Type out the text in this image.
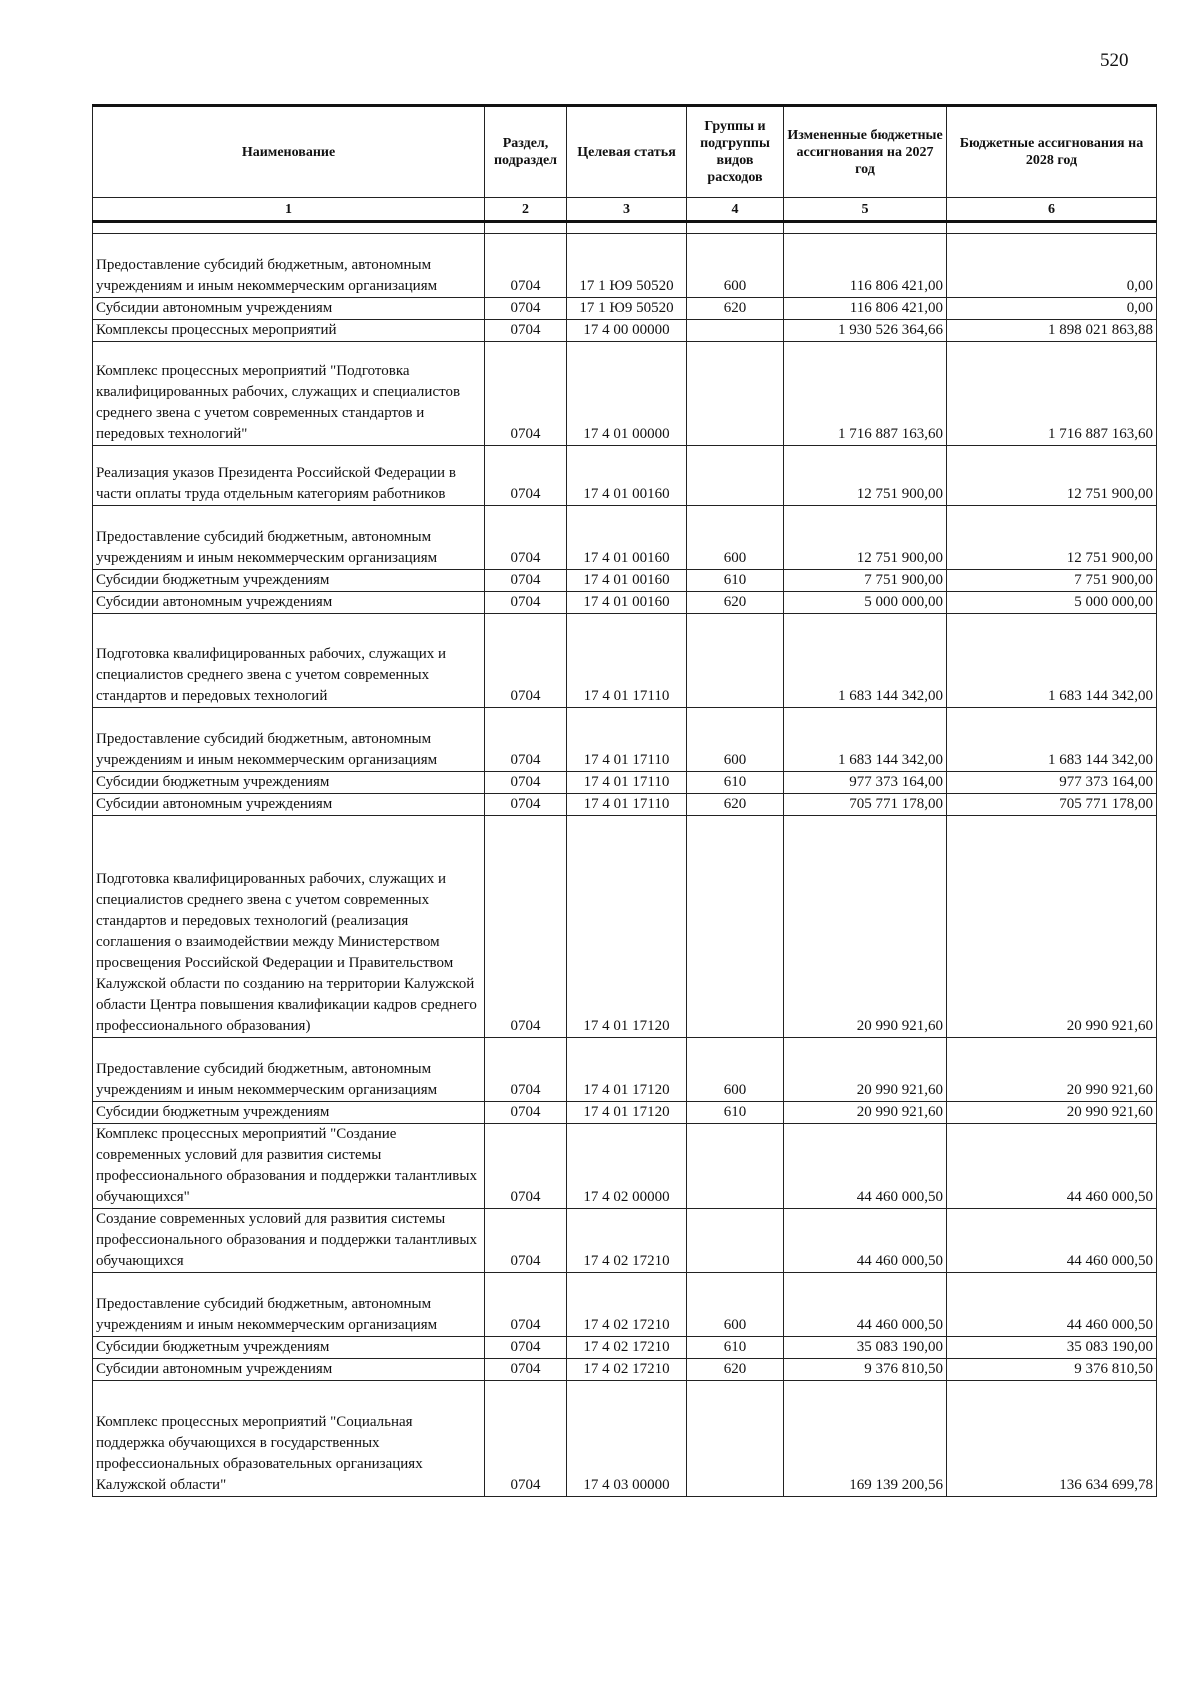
520
Наименование	Раздел, подраздел	Целевая статья	Группы и подгруппы видов расходов	Измененные бюджетные ассигнования на 2027 год	Бюджетные ассигнования на 2028 год
1	2	3	4	5	6

Предоставление субсидий бюджетным, автономным учреждениям и иным некоммерческим организациям	0704	17 1 Ю9 50520	600	116 806 421,00	0,00
Субсидии автономным учреждениям	0704	17 1 Ю9 50520	620	116 806 421,00	0,00
Комплексы процессных мероприятий	0704	17 4 00 00000		1 930 526 364,66	1 898 021 863,88
Комплекс процессных мероприятий "Подготовка квалифицированных рабочих, служащих и специалистов среднего звена с учетом современных стандартов и передовых технологий"	0704	17 4 01 00000		1 716 887 163,60	1 716 887 163,60
Реализация указов Президента Российской Федерации в части оплаты труда отдельным категориям работников	0704	17 4 01 00160		12 751 900,00	12 751 900,00
Предоставление субсидий бюджетным, автономным учреждениям и иным некоммерческим организациям	0704	17 4 01 00160	600	12 751 900,00	12 751 900,00
Субсидии бюджетным учреждениям	0704	17 4 01 00160	610	7 751 900,00	7 751 900,00
Субсидии автономным учреждениям	0704	17 4 01 00160	620	5 000 000,00	5 000 000,00
Подготовка квалифицированных рабочих, служащих и специалистов среднего звена с учетом современных стандартов и передовых технологий	0704	17 4 01 17110		1 683 144 342,00	1 683 144 342,00
Предоставление субсидий бюджетным, автономным учреждениям и иным некоммерческим организациям	0704	17 4 01 17110	600	1 683 144 342,00	1 683 144 342,00
Субсидии бюджетным учреждениям	0704	17 4 01 17110	610	977 373 164,00	977 373 164,00
Субсидии автономным учреждениям	0704	17 4 01 17110	620	705 771 178,00	705 771 178,00
Подготовка квалифицированных рабочих, служащих и специалистов среднего звена с учетом современных стандартов и передовых технологий (реализация соглашения о взаимодействии между Министерством просвещения Российской Федерации и Правительством Калужской области по созданию на территории Калужской области Центра повышения квалификации кадров среднего профессионального образования)	0704	17 4 01 17120		20 990 921,60	20 990 921,60
Предоставление субсидий бюджетным, автономным учреждениям и иным некоммерческим организациям	0704	17 4 01 17120	600	20 990 921,60	20 990 921,60
Субсидии бюджетным учреждениям	0704	17 4 01 17120	610	20 990 921,60	20 990 921,60
Комплекс процессных мероприятий "Создание современных условий для развития системы профессионального образования и поддержки талантливых обучающихся"	0704	17 4 02 00000		44 460 000,50	44 460 000,50
Создание современных условий для развития системы профессионального образования и поддержки талантливых обучающихся	0704	17 4 02 17210		44 460 000,50	44 460 000,50
Предоставление субсидий бюджетным, автономным учреждениям и иным некоммерческим организациям	0704	17 4 02 17210	600	44 460 000,50	44 460 000,50
Субсидии бюджетным учреждениям	0704	17 4 02 17210	610	35 083 190,00	35 083 190,00
Субсидии автономным учреждениям	0704	17 4 02 17210	620	9 376 810,50	9 376 810,50
Комплекс процессных мероприятий "Социальная поддержка обучающихся в государственных профессиональных образовательных организациях Калужской области"	0704	17 4 03 00000		169 139 200,56	136 634 699,78
